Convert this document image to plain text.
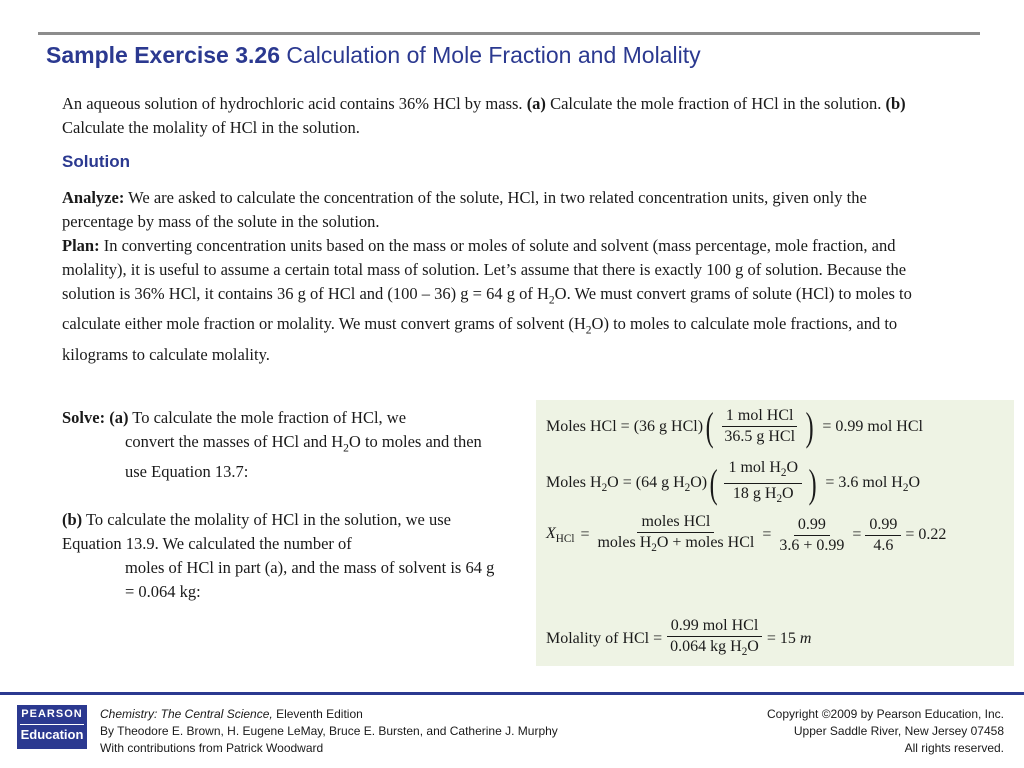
Sample Exercise 3.26 Calculation of Mole Fraction and Molality
An aqueous solution of hydrochloric acid contains 36% HCl by mass. (a) Calculate the mole fraction of HCl in the solution. (b) Calculate the molality of HCl in the solution.
Solution
Analyze: We are asked to calculate the concentration of the solute, HCl, in two related concentration units, given only the percentage by mass of the solute in the solution.
Plan: In converting concentration units based on the mass or moles of solute and solvent (mass percentage, mole fraction, and molality), it is useful to assume a certain total mass of solution. Let’s assume that there is exactly 100 g of solution. Because the solution is 36% HCl, it contains 36 g of HCl and (100 – 36) g = 64 g of $H_2O$. We must convert grams of solute (HCl) to moles to calculate either mole fraction or molality. We must convert grams of solvent $(H_2O)$ to moles to calculate mole fractions, and to kilograms to calculate molality.
Solve: (a) To calculate the mole fraction of HCl, we
convert the masses of HCl and $H_2O$ to moles and then use Equation 13.7:
(b) To calculate the molality of HCl in the solution, we use Equation 13.9. We calculated the number of
moles of HCl in part (a), and the mass of solvent is 64 g = 0.064 kg:
Moles HCl = (36 g HCl) ( $\frac{\text{1 mol HCl}}{\text{36.5 g HCl}}$ ) = 0.99 mol HCl
Moles $H_2O = (64$ g $H_2O$) ( $\frac{1 mol H_2O}{18 g H_2O}$ ) = 3.6 mol $H_2O$
$X_{HCl} = \frac{\text{moles HCl}}{moles H_2O + moles HCl} = \frac{0.99}{3.6 + 0.99} = \frac{0.99}{4.6} = 0.22$
Molality of HCl = $\frac{\text{0.99 mol HCl}}{0.064 kg H_2O} = 15$ m
PEARSON
Education
Chemistry: The Central Science, Eleventh Edition
By Theodore E. Brown, H. Eugene LeMay, Bruce E. Bursten, and Catherine J. Murphy
With contributions from Patrick Woodward
Copyright ©2009 by Pearson Education, Inc.
Upper Saddle River, New Jersey 07458
All rights reserved.
